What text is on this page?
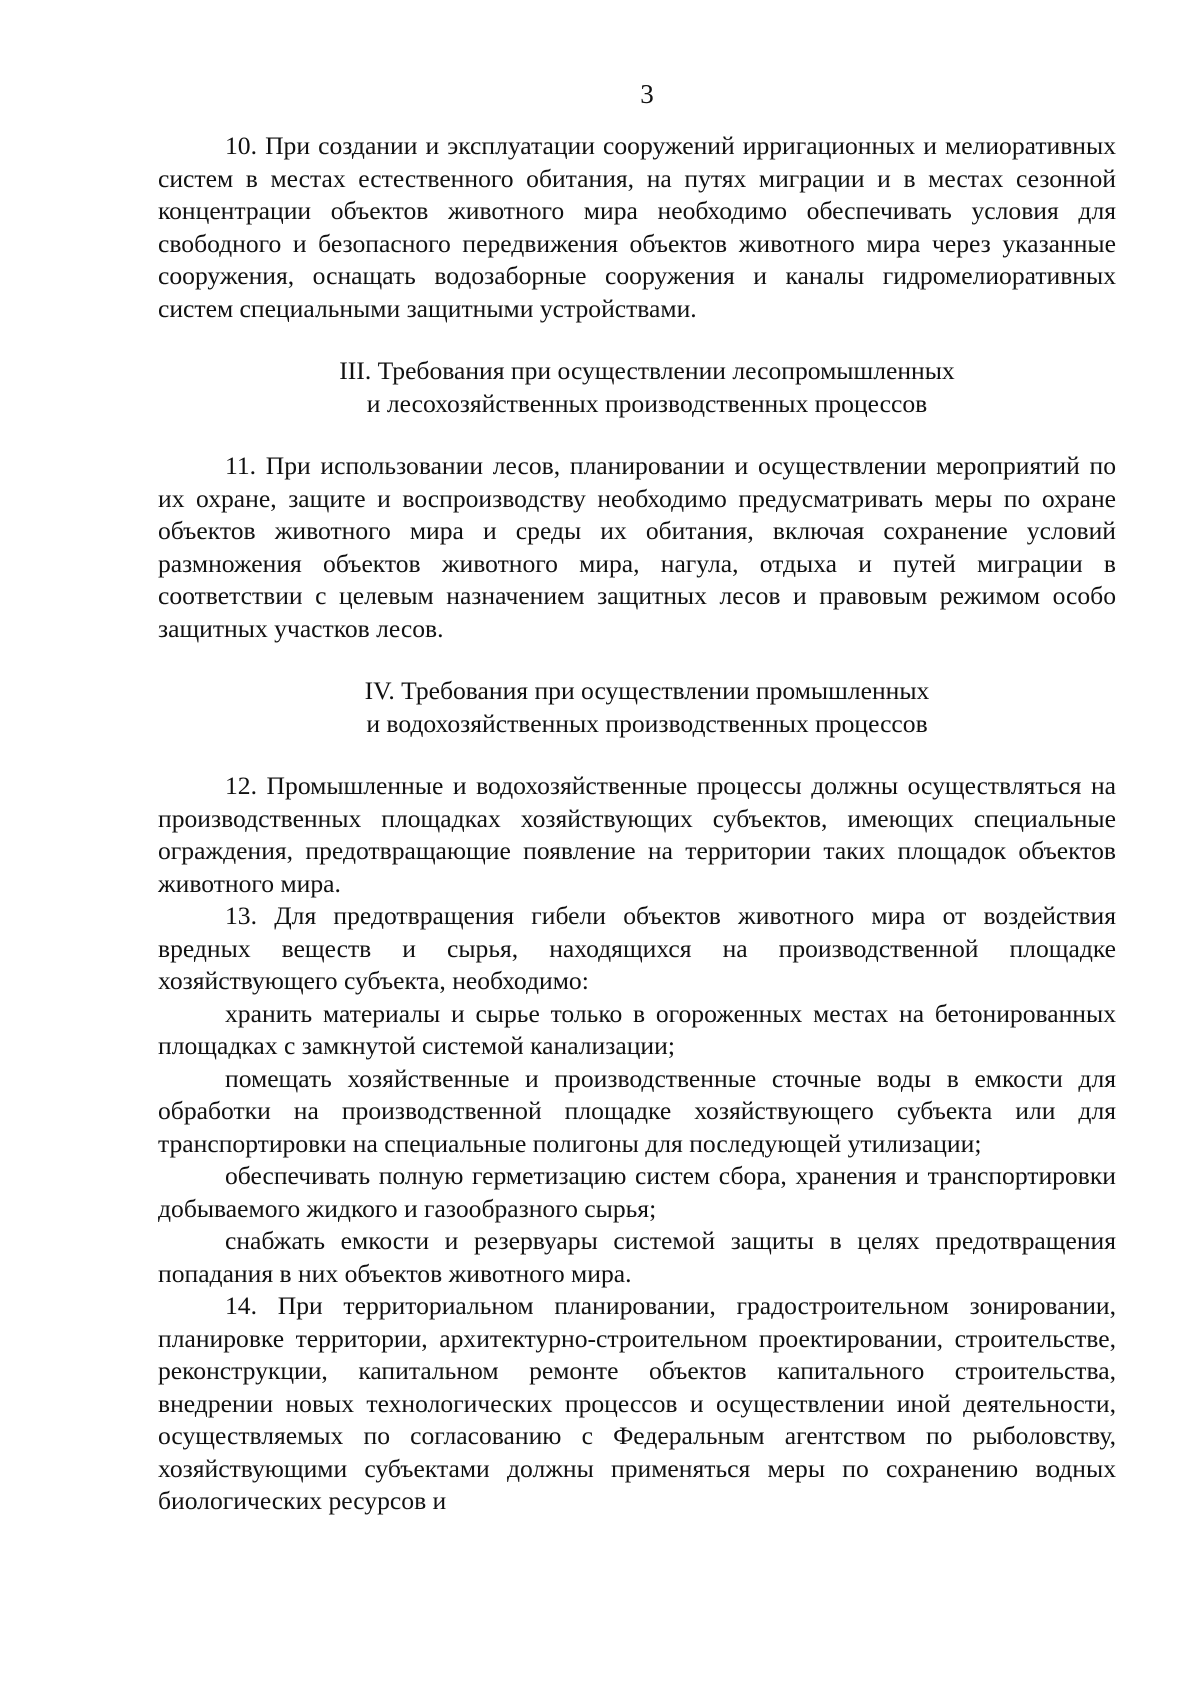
3

10. При создании и эксплуатации сооружений ирригационных и мелиоративных систем в местах естественного обитания, на путях миграции и в местах сезонной концентрации объектов животного мира необходимо обеспечивать условия для свободного и безопасного передвижения объектов животного мира через указанные сооружения, оснащать водозаборные сооружения и каналы гидромелиоративных систем специальными защитными устройствами.

III. Требования при осуществлении лесопромышленных
и лесохозяйственных производственных процессов

11. При использовании лесов, планировании и осуществлении мероприятий по их охране, защите и воспроизводству необходимо предусматривать меры по охране объектов животного мира и среды их обитания, включая сохранение условий размножения объектов животного мира, нагула, отдыха и путей миграции в соответствии с целевым назначением защитных лесов и правовым режимом особо защитных участков лесов.

IV. Требования при осуществлении промышленных
и водохозяйственных производственных процессов

12. Промышленные и водохозяйственные процессы должны осуществляться на производственных площадках хозяйствующих субъектов, имеющих специальные ограждения, предотвращающие появление на территории таких площадок объектов животного мира.

13. Для предотвращения гибели объектов животного мира от воздействия вредных веществ и сырья, находящихся на производственной площадке хозяйствующего субъекта, необходимо:

хранить материалы и сырье только в огороженных местах на бетонированных площадках с замкнутой системой канализации;

помещать хозяйственные и производственные сточные воды в емкости для обработки на производственной площадке хозяйствующего субъекта или для транспортировки на специальные полигоны для последующей утилизации;

обеспечивать полную герметизацию систем сбора, хранения и транспортировки добываемого жидкого и газообразного сырья;

снабжать емкости и резервуары системой защиты в целях предотвращения попадания в них объектов животного мира.

14. При территориальном планировании, градостроительном зонировании, планировке территории, архитектурно-строительном проектировании, строительстве, реконструкции, капитальном ремонте объектов капитального строительства, внедрении новых технологических процессов и осуществлении иной деятельности, осуществляемых по согласованию с Федеральным агентством по рыболовству, хозяйствующими субъектами должны применяться меры по сохранению водных биологических ресурсов и
